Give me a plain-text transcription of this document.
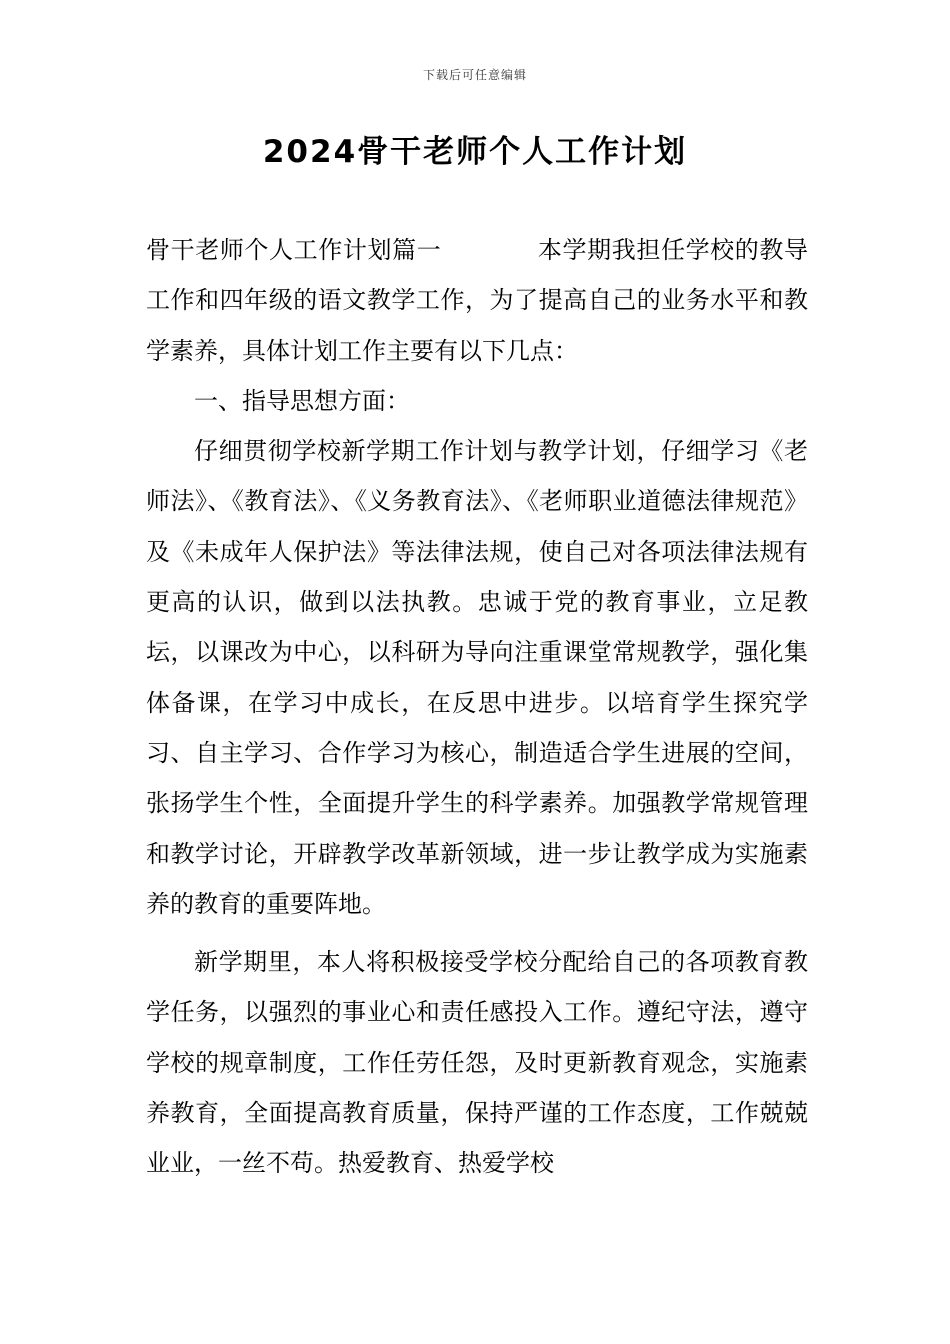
下载后可任意编辑
2024骨干老师个人工作计划

骨干老师个人工作计划篇一	本学期我担任学校的教导工作和四年级的语文教学工作，为了提高自己的业务水平和教学素养，具体计划工作主要有以下几点：

一、指导思想方面：

仔细贯彻学校新学期工作计划与教学计划，仔细学习《老师法》、《教育法》、《义务教育法》、《老师职业道德法律规范》及《未成年人保护法》等法律法规，使自己对各项法律法规有更高的认识，做到以法执教。忠诚于党的教育事业，立足教坛，以课改为中心，以科研为导向注重课堂常规教学，强化集体备课，在学习中成长，在反思中进步。以培育学生探究学习、自主学习、合作学习为核心，制造适合学生进展的空间，张扬学生个性，全面提升学生的科学素养。加强教学常规管理和教学讨论，开辟教学改革新领域，进一步让教学成为实施素养的教育的重要阵地。

新学期里，本人将积极接受学校分配给自己的各项教育教学任务，以强烈的事业心和责任感投入工作。遵纪守法，遵守学校的规章制度，工作任劳任怨，及时更新教育观念，实施素养教育，全面提高教育质量，保持严谨的工作态度，工作兢兢业业，一丝不苟。热爱教育、热爱学校
